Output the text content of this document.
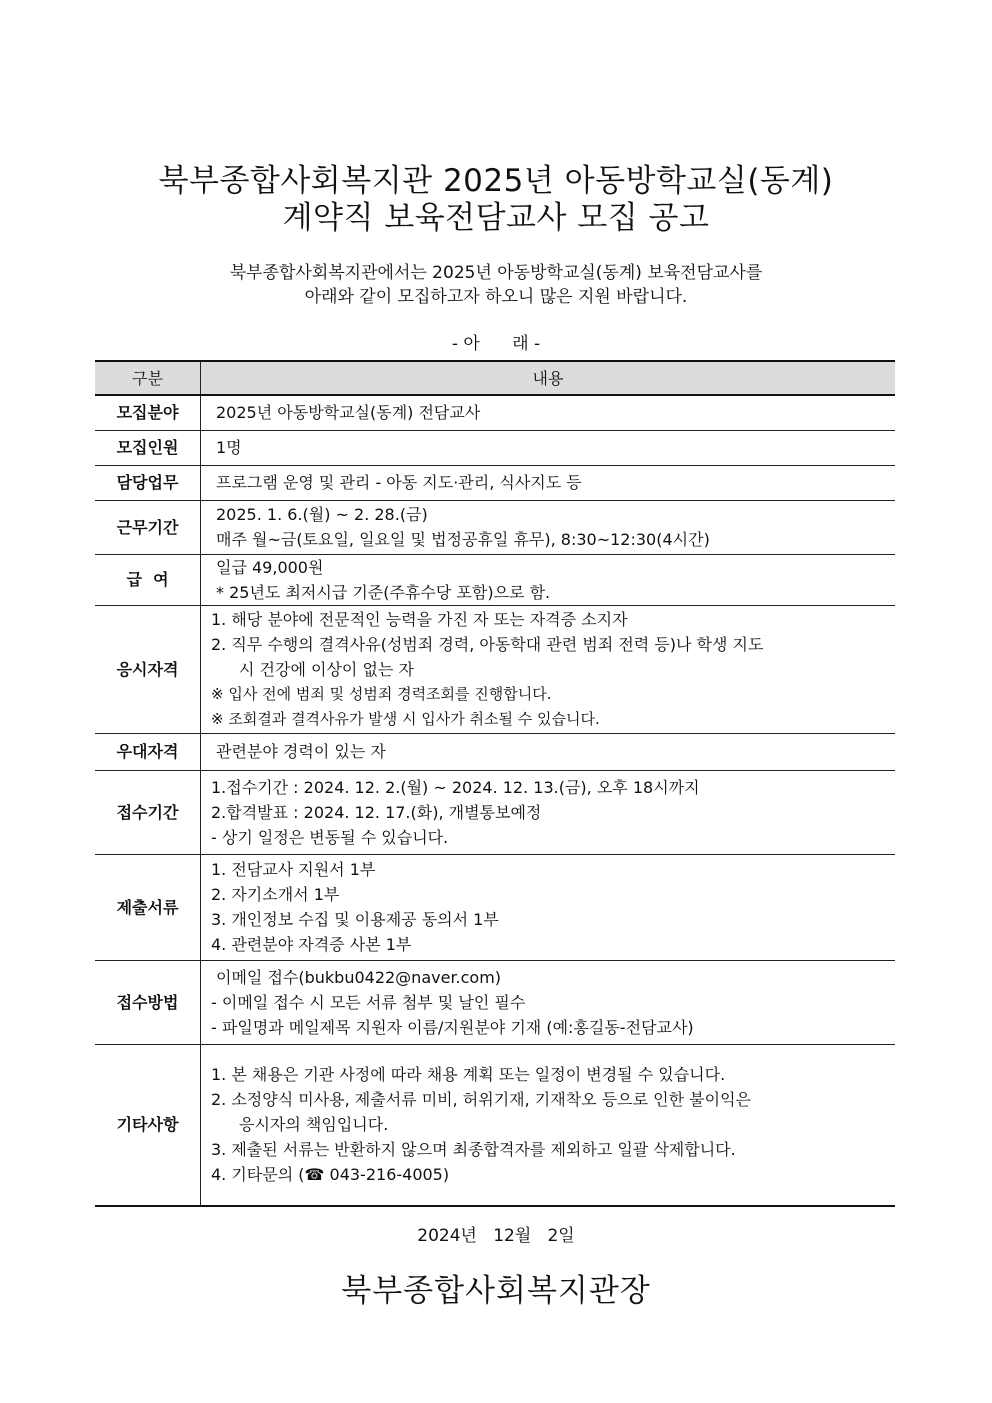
북부종합사회복지관 2025년 아동방학교실(동계)
계약직 보육전담교사 모집 공고
북부종합사회복지관에서는 2025년 아동방학교실(동계) 보육전담교사를
아래와 같이 모집하고자 하오니 많은 지원 바랍니다.
- 아      래 -
구분	내용
모집분야	2025년 아동방학교실(동계) 전담교사

모집인원	1명

담당업무	프로그램 운영 및 관리 - 아동 지도·관리, 식사지도 등

근무기간	2025. 1. 6.(월) ~ 2. 28.(금)
매주 월~금(토요일, 일요일 및 법정공휴일 휴무), 8:30~12:30(4시간)

급  여	일급 49,000원
* 25년도 최저시급 기준(주휴수당 포함)으로 함.

응시자격	1. 해당 분야에 전문적인 능력을 가진 자 또는 자격증 소지자
2. 직무 수행의 결격사유(성범죄 경력, 아동학대 관련 범죄 전력 등)나 학생 지도
시 건강에 이상이 없는 자
※ 입사 전에 범죄 및 성범죄 경력조회를 진행합니다.
※ 조회결과 결격사유가 발생 시 입사가 취소될 수 있습니다.

우대자격	관련분야 경력이 있는 자

접수기간	1.접수기간 : 2024. 12. 2.(월) ~ 2024. 12. 13.(금), 오후 18시까지
2.합격발표 : 2024. 12. 17.(화), 개별통보예정
- 상기 일정은 변동될 수 있습니다.

제출서류	1. 전담교사 지원서 1부
2. 자기소개서 1부
3. 개인정보 수집 및 이용제공 동의서 1부
4. 관련분야 자격증 사본 1부

접수방법	이메일 접수(bukbu0422@naver.com)
- 이메일 접수 시 모든 서류 첨부 및 날인 필수
- 파일명과 메일제목 지원자 이름/지원분야 기재 (예:홍길동-전담교사)

기타사항	1. 본 채용은 기관 사정에 따라 채용 계획 또는 일정이 변경될 수 있습니다.
2. 소정양식 미사용, 제출서류 미비, 허위기재, 기재착오 등으로 인한 불이익은
응시자의 책임입니다.
3. 제출된 서류는 반환하지 않으며 최종합격자를 제외하고 일괄 삭제합니다.
4. 기타문의 (☎ 043-216-4005)
2024년   12월   2일
북부종합사회복지관장
